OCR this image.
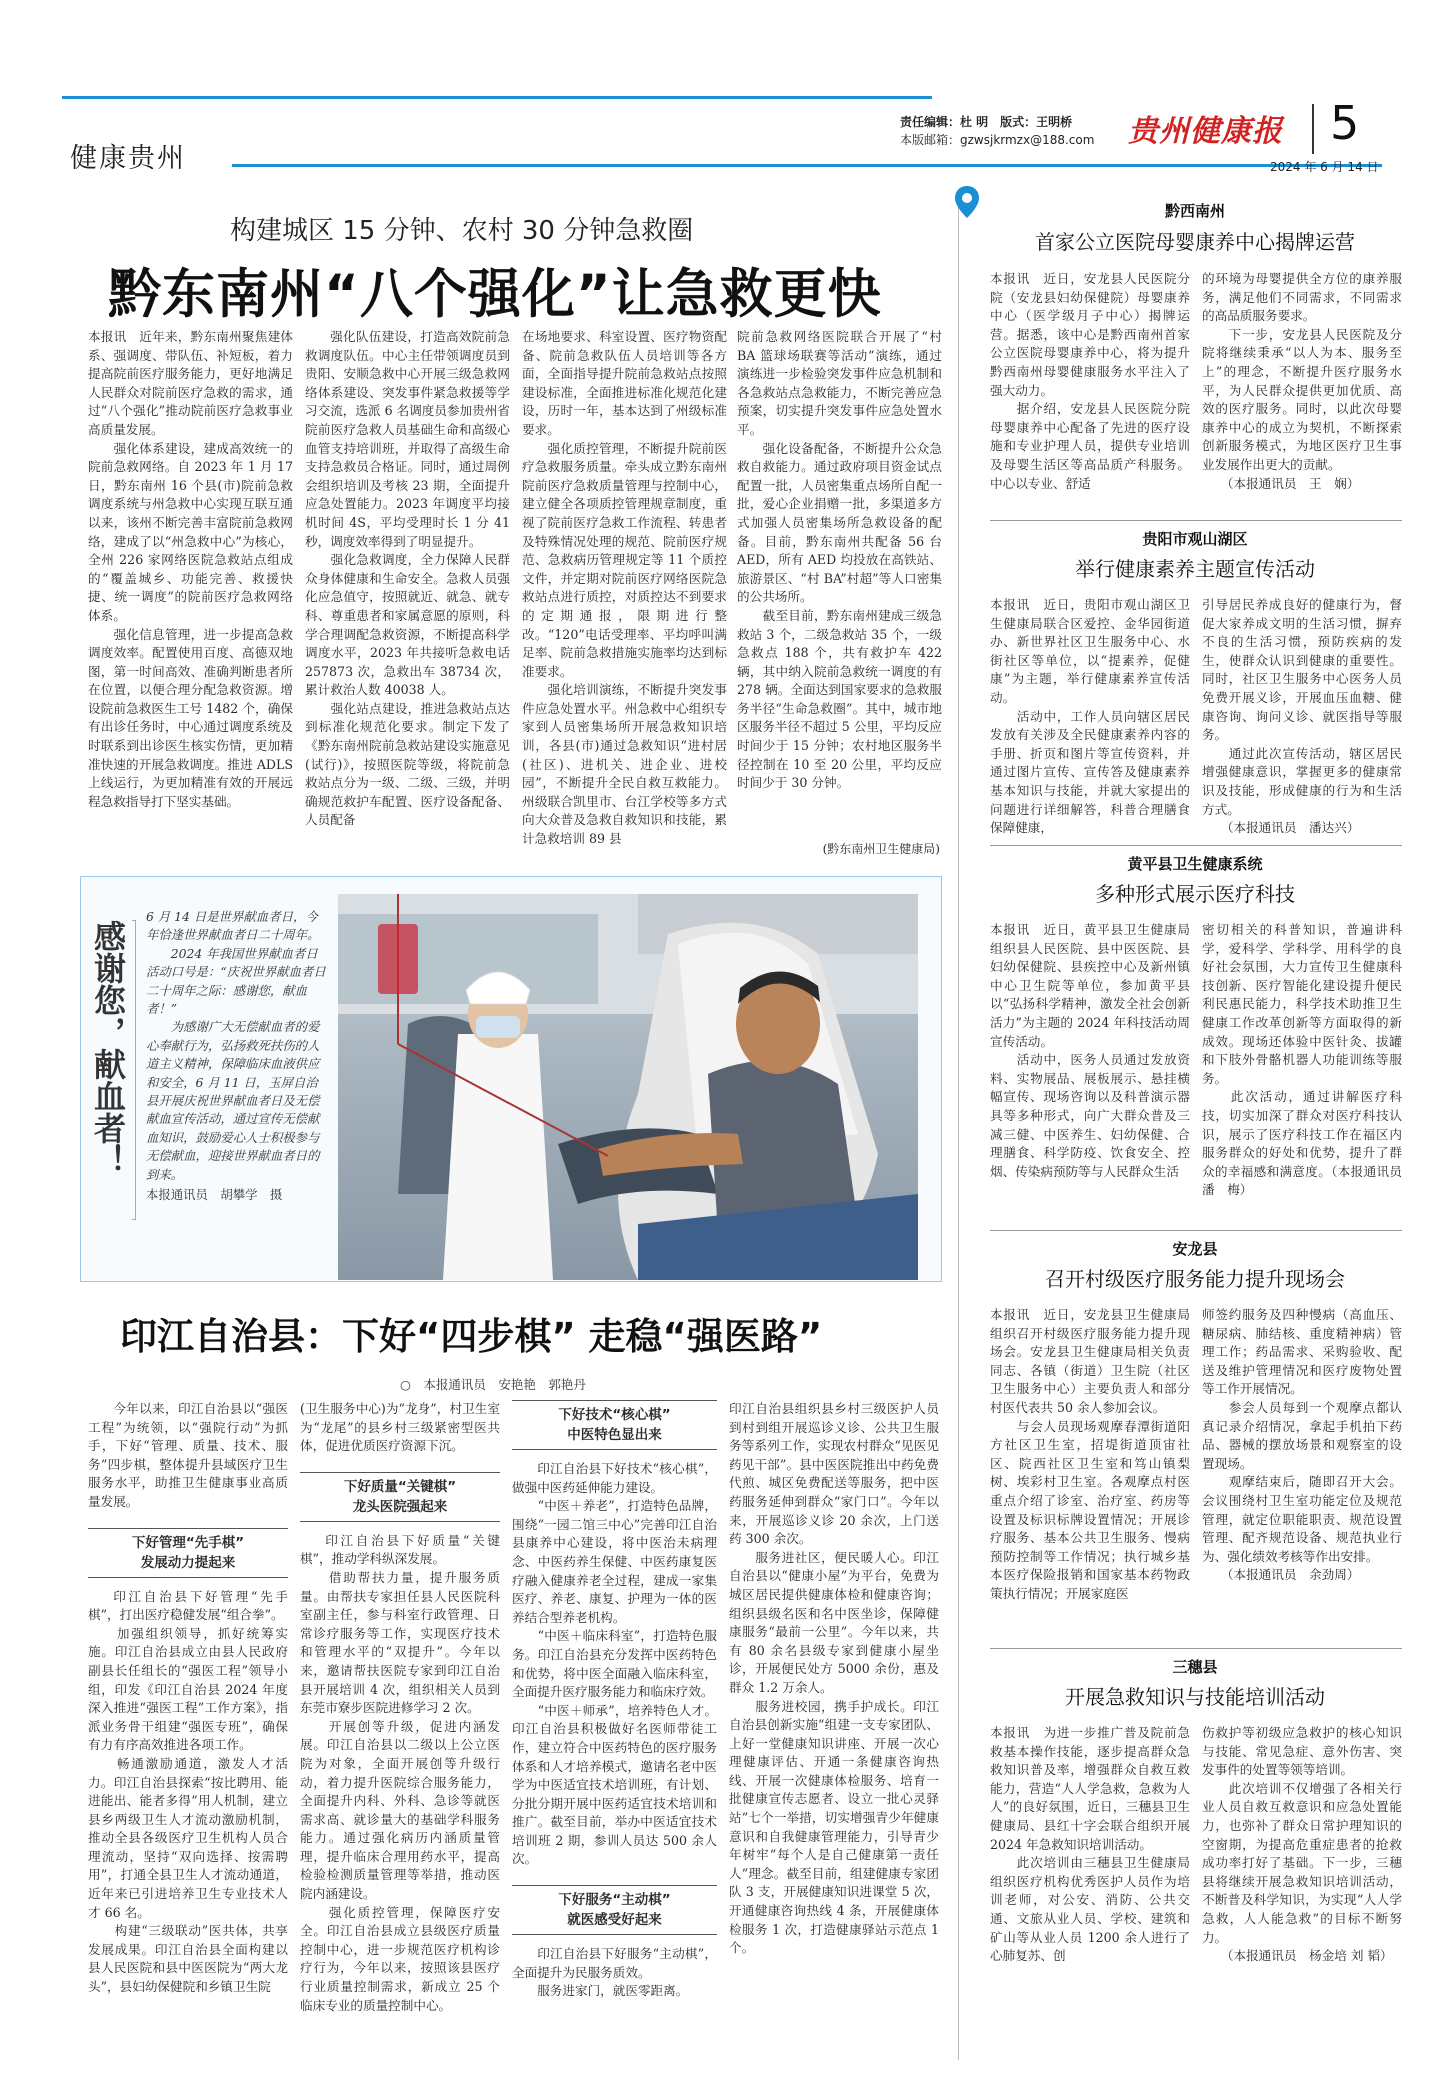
健康贵州
责任编辑：杜 明　版式：王明桥
本版邮箱：gzwsjkrmzx@188.com 贵州健康报 5
2024 年 6 月 14 日
构建城区 15 分钟、农村 30 分钟急救圈
黔东南州“八个强化”让急救更快
本报讯　近年来，黔东南州聚焦建体系、强调度、带队伍、补短板，着力提高院前医疗服务能力，更好地满足人民群众对院前医疗急救的需求，通过“八个强化”推动院前医疗急救事业高质量发展。
　　强化体系建设，建成高效统一的院前急救网络。自 2023 年 1 月 17 日，黔东南州 16 个县(市)院前急救调度系统与州急救中心实现互联互通以来，该州不断完善丰富院前急救网络，建成了以“州急救中心”为核心，全州 226 家网络医院急救站点组成的“覆盖城乡、功能完善、救援快捷、统一调度”的院前医疗急救网络体系。
　　强化信息管理，进一步提高急救调度效率。配置使用百度、高德双地图，第一时间高效、准确判断患者所在位置，以便合理分配急救资源。增设院前急救医生工号 1482 个，确保有出诊任务时，中心通过调度系统及时联系到出诊医生核实伤情，更加精准快速的开展急救调度。推进 ADLS 上线运行，为更加精准有效的开展远程急救指导打下坚实基础。
强化队伍建设，打造高效院前急救调度队伍。中心主任带领调度员到贵阳、安顺急救中心开展三级急救网络体系建设、突发事件紧急救援等学习交流，选派 6 名调度员参加贵州省院前医疗急救人员基础生命和高级心血管支持培训班，并取得了高级生命支持急救员合格证。同时，通过周例会组织培训及考核 23 期，全面提升应急处置能力。2023 年调度平均接机时间 4S，平均受理时长 1 分 41 秒，调度效率得到了明显提升。
　　强化急救调度，全力保障人民群众身体健康和生命安全。急救人员强化应急值守，按照就近、就急、就专科、尊重患者和家属意愿的原则，科学合理调配急救资源，不断提高科学调度水平，2023 年共接听急救电话 257873 次，急救出车 38734 次，累计救治人数 40038 人。
　　强化站点建设，推进急救站点达到标准化规范化要求。制定下发了《黔东南州院前急救站建设实施意见(试行)》，按照医院等级，将院前急救站点分为一级、二级、三级，并明确规范救护车配置、医疗设备配备、人员配备
在场地要求、科室设置、医疗物资配备、院前急救队伍人员培训等各方面，全面指导提升院前急救站点按照建设标准，全面推进标准化规范化建设，历时一年，基本达到了州级标准要求。
　　强化质控管理，不断提升院前医疗急救服务质量。牵头成立黔东南州院前医疗急救质量管理与控制中心，建立健全各项质控管理规章制度，重视了院前医疗急救工作流程、转患者及特殊情况处理的规范、院前医疗规范、急救病历管理规定等 11 个质控文件，并定期对院前医疗网络医院急救站点进行质控，对质控达不到要求的定期通报，限期进行整改。“120”电话受理率、平均呼叫满足率、院前急救措施实施率均达到标准要求。
　　强化培训演练，不断提升突发事件应急处置水平。州急救中心组织专家到人员密集场所开展急救知识培训，各县(市)通过急救知识“进村居(社区)、进机关、进企业、进校园”，不断提升全民自救互救能力。州级联合凯里市、台江学校等多方式向大众普及急救自救知识和技能，累计急救培训 89 县
院前急救网络医院联合开展了“村 BA 篮球场联赛等活动”演练，通过演练进一步检验突发事件应急机制和各急救站点急救能力，不断完善应急预案，切实提升突发事件应急处置水平。
　　强化设备配备，不断提升公众急救自救能力。通过政府项目资金试点配置一批，人员密集重点场所自配一批，爱心企业捐赠一批，多渠道多方式加强人员密集场所急救设备的配备。目前，黔东南州共配备 56 台 AED，所有 AED 均投放在高铁站、旅游景区、“村 BA”村超”等人口密集的公共场所。
　　截至目前，黔东南州建成三级急救站 3 个，二级急救站 35 个，一级急救点 188 个，共有救护车 422 辆，其中纳入院前急救统一调度的有 278 辆。全面达到国家要求的急救服务半径“生命急救圈”。其中，城市地区服务半径不超过 5 公里，平均反应时间少于 15 分钟；农村地区服务半径控制在 10 至 20 公里，平均反应时间少于 30 分钟。
(黔东南州卫生健康局)
感谢您，献血者！
6 月 14 日是世界献血者日，今年恰逢世界献血者日二十周年。
　　2024 年我国世界献血者日活动口号是：“庆祝世界献血者日二十周年之际：感谢您，献血者！”
　　为感谢广大无偿献血者的爱心奉献行为，弘扬救死扶伤的人道主义精神，保障临床血液供应和安全，6 月 11 日，玉屏自治县开展庆祝世界献血者日及无偿献血宣传活动，通过宣传无偿献血知识，鼓励爱心人士积极参与无偿献血，迎接世界献血者日的到来。
本报通讯员　胡攀学　摄
印江自治县：下好“四步棋” 走稳“强医路”
○　本报通讯员　安艳艳　郭艳丹
今年以来，印江自治县以“强医工程”为统领，以“强院行动”为抓手，下好“管理、质量、技术、服务”四步棋，整体提升县域医疗卫生服务水平，助推卫生健康事业高质量发展。
下好管理“先手棋”
发展动力提起来
印江自治县下好管理“先手棋”，打出医疗稳健发展“组合拳”。
　　加强组织领导，抓好统筹实施。印江自治县成立由县人民政府副县长任组长的“强医工程”领导小组，印发《印江自治县 2024 年度深入推进“强医工程”工作方案》，指派业务骨干组建“强医专班”，确保有力有序高效推进各项工作。
　　畅通激励通道，激发人才活力。印江自治县探索“按比聘用、能进能出、能者多得”用人机制，建立县乡两级卫生人才流动激励机制，推动全县各级医疗卫生机构人员合理流动，坚持“双向选择、按需聘用”，打通全县卫生人才流动通道，近年来已引进培养卫生专业技术人才 66 名。
　　构建“三级联动”医共体，共享发展成果。印江自治县全面构建以县人民医院和县中医医院为“两大龙头”，县妇幼保健院和乡镇卫生院
(卫生服务中心)为“龙身”，村卫生室为“龙尾”的县乡村三级紧密型医共体，促进优质医疗资源下沉。
下好质量“关键棋”
龙头医院强起来
印江自治县下好质量“关键棋”，推动学科纵深发展。
　　借助帮扶力量，提升服务质量。由帮扶专家担任县人民医院科室副主任，参与科室行政管理、日常诊疗服务等工作，实现医疗技术和管理水平的“双提升”。今年以来，邀请帮扶医院专家到印江自治县开展培训 4 次，组织相关人员到东莞市寮步医院进修学习 2 次。
　　开展创等升级，促进内涵发展。印江自治县以二级以上公立医院为对象，全面开展创等升级行动，着力提升医院综合服务能力，全面提升内科、外科、急诊等就医需求高、就诊量大的基础学科服务能力。通过强化病历内涵质量管理，提升临床合理用药水平，提高检验检测质量管理等举措，推动医院内涵建设。
　　强化质控管理，保障医疗安全。印江自治县成立县级医疗质量控制中心，进一步规范医疗机构诊疗行为，今年以来，按照该县医疗行业质量控制需求，新成立 25 个临床专业的质量控制中心。
下好技术“核心棋”
中医特色显出来
印江自治县下好技术“核心棋”，做强中医药延伸能力建设。
　　“中医＋养老”，打造特色品牌，围绕“一园二馆三中心”完善印江自治县康养中心建设，将中医治未病理念、中医药养生保健、中医药康复医疗融入健康养老全过程，建成一家集医疗、养老、康复、护理为一体的医养结合型养老机构。
　　“中医＋临床科室”，打造特色服务。印江自治县充分发挥中医药特色和优势，将中医全面融入临床科室，全面提升医疗服务能力和临床疗效。
　　“中医＋师承”，培养特色人才。印江自治县积极做好名医师带徒工作，建立符合中医药特色的医疗服务体系和人才培养模式，邀请名老中医学为中医适宜技术培训班，有计划、分批分期开展中医药适宜技术培训和推广。截至目前，举办中医适宜技术培训班 2 期，参训人员达 500 余人次。
下好服务“主动棋”
就医感受好起来
印江自治县下好服务“主动棋”，全面提升为民服务质效。
　　服务进家门，就医零距离。
印江自治县组织县乡村三级医护人员到村到组开展巡诊义诊、公共卫生服务等系列工作，实现农村群众“见医见药见干部”。县中医医院推出中药免费代煎、城区免费配送等服务，把中医药服务延伸到群众“家门口”。今年以来，开展巡诊义诊 20 余次，上门送药 300 余次。
　　服务进社区，便民暖人心。印江自治县以“健康小屋”为平台，免费为城区居民提供健康体检和健康咨询；组织县级名医和名中医坐诊，保障健康服务“最前一公里”。今年以来，共有 80 余名县级专家到健康小屋坐诊，开展便民处方 5000 余份，惠及群众 1.2 万余人。
　　服务进校园，携手护成长。印江自治县创新实施“组建一支专家团队、上好一堂健康知识讲座、开展一次心理健康评估、开通一条健康咨询热线、开展一次健康体检服务、培育一批健康宣传志愿者、设立一批心灵驿站”七个一举措，切实增强青少年健康意识和自我健康管理能力，引导青少年树牢“每个人是自己健康第一责任人”理念。截至目前，组建健康专家团队 3 支，开展健康知识进课堂 5 次，开通健康咨询热线 4 条，开展健康体检服务 1 次，打造健康驿站示范点 1 个。
黔西南州
首家公立医院母婴康养中心揭牌运营
本报讯　近日，安龙县人民医院分院（安龙县妇幼保健院）母婴康养中心（医学级月子中心）揭牌运营。据悉，该中心是黔西南州首家公立医院母婴康养中心，将为提升黔西南州母婴健康服务水平注入了强大动力。
　　据介绍，安龙县人民医院分院母婴康养中心配备了先进的医疗设施和专业护理人员，提供专业培训及母婴生活区等高品质产科服务。中心以专业、舒适
的环境为母婴提供全方位的康养服务，满足他们不同需求，不同需求的高品质服务要求。
　　下一步，安龙县人民医院及分院将继续秉承“以人为本、服务至上”的理念，不断提升医疗服务水平，为人民群众提供更加优质、高效的医疗服务。同时，以此次母婴康养中心的成立为契机，不断探索创新服务模式，为地区医疗卫生事业发展作出更大的贡献。
　　（本报通讯员　王　娴）
贵阳市观山湖区
举行健康素养主题宣传活动
本报讯　近日，贵阳市观山湖区卫生健康局联合区爱控、金华园街道办、新世界社区卫生服务中心、水街社区等单位，以“提素养，促健康”为主题，举行健康素养宣传活动。
　　活动中，工作人员向辖区居民发放有关涉及全民健康素养内容的手册、折页和图片等宣传资料，并通过图片宣传、宣传答及健康素养基本知识与技能，并就大家提出的问题进行详细解答，科普合理膳食保障健康，
引导居民养成良好的健康行为，督促大家养成文明的生活习惯，摒弃不良的生活习惯，预防疾病的发生，使群众认识到健康的重要性。同时，社区卫生服务中心医务人员免费开展义诊，开展血压血糖、健康咨询、询问义诊、就医指导等服务。
　　通过此次宣传活动，辖区居民增强健康意识，掌握更多的健康常识及技能，形成健康的行为和生活方式。
　　（本报通讯员　潘达兴）
黄平县卫生健康系统
多种形式展示医疗科技
本报讯　近日，黄平县卫生健康局组织县人民医院、县中医医院、县妇幼保健院、县疾控中心及新州镇中心卫生院等单位，参加黄平县以“弘扬科学精神，激发全社会创新活力”为主题的 2024 年科技活动周宣传活动。
　　活动中，医务人员通过发放资料、实物展品、展板展示、悬挂横幅宣传、现场咨询以及科普演示器具等多种形式，向广大群众普及三减三健、中医养生、妇幼保健、合理膳食、科学防疫、饮食安全、控烟、传染病预防等与人民群众生活
密切相关的科普知识，普遍讲科学，爱科学、学科学、用科学的良好社会氛围，大力宣传卫生健康科技创新、医疗智能化建设提升便民利民惠民能力，科学技术助推卫生健康工作改革创新等方面取得的新成效。现场还体验中医针灸、拔罐和下肢外骨骼机器人功能训练等服务。
　　此次活动，通过讲解医疗科技，切实加深了群众对医疗科技认识，展示了医疗科技工作在福区内服务群众的好处和优势，提升了群众的幸福感和满意度。（本报通讯员　潘　梅）
安龙县
召开村级医疗服务能力提升现场会
本报讯　近日，安龙县卫生健康局组织召开村级医疗服务能力提升现场会。安龙县卫生健康局相关负责同志、各镇（街道）卫生院（社区卫生服务中心）主要负责人和部分村医代表共 50 余人参加会议。
　　与会人员现场观摩春潭街道阳方社区卫生室，招堤街道顶宙社区、院西社区卫生室和笃山镇梨树、埃彩村卫生室。各观摩点村医重点介绍了诊室、治疗室、药房等设置及标识标牌设置情况；开展诊疗服务、基本公共卫生服务、慢病预防控制等工作情况；执行城乡基本医疗保险报销和国家基本药物政策执行情况；开展家庭医
师签约服务及四种慢病（高血压、糖尿病、肺结核、重度精神病）管理工作；药品需求、采购验收、配送及维护管理情况和医疗废物处置等工作开展情况。
　　参会人员每到一个观摩点都认真记录介绍情况，拿起手机拍下药品、器械的摆放场景和观察室的设置现场。
　　观摩结束后，随即召开大会。会议围绕村卫生室功能定位及规范管理，就定位职能职责、规范设置管理、配齐规范设备、规范执业行为、强化绩效考核等作出安排。
　　（本报通讯员　余劲周）
三穗县
开展急救知识与技能培训活动
本报讯　为进一步推广普及院前急救基本操作技能，逐步提高群众急救知识普及率，增强群众自救互救能力，营造“人人学急救，急救为人人”的良好氛围，近日，三穗县卫生健康局、县红十字会联合组织开展 2024 年急救知识培训活动。
　　此次培训由三穗县卫生健康局组织医疗机构优秀医护人员作为培训老师，对公安、消防、公共交通、文旅从业人员、学校、建筑和矿山等从业人员 1200 余人进行了心肺复苏、创
伤救护等初级应急救护的核心知识与技能、常见急症、意外伤害、突发事件的处置等领等培训。
　　此次培训不仅增强了各相关行业人员自救互救意识和应急处置能力，也弥补了群众日常护理知识的空窗期，为提高危重症患者的抢救成功率打好了基础。下一步，三穗县将继续开展急救知识培训活动，不断普及科学知识，为实现“人人学急救，人人能急救”的目标不断努力。
　　（本报通讯员　杨金培 刘 韬）
